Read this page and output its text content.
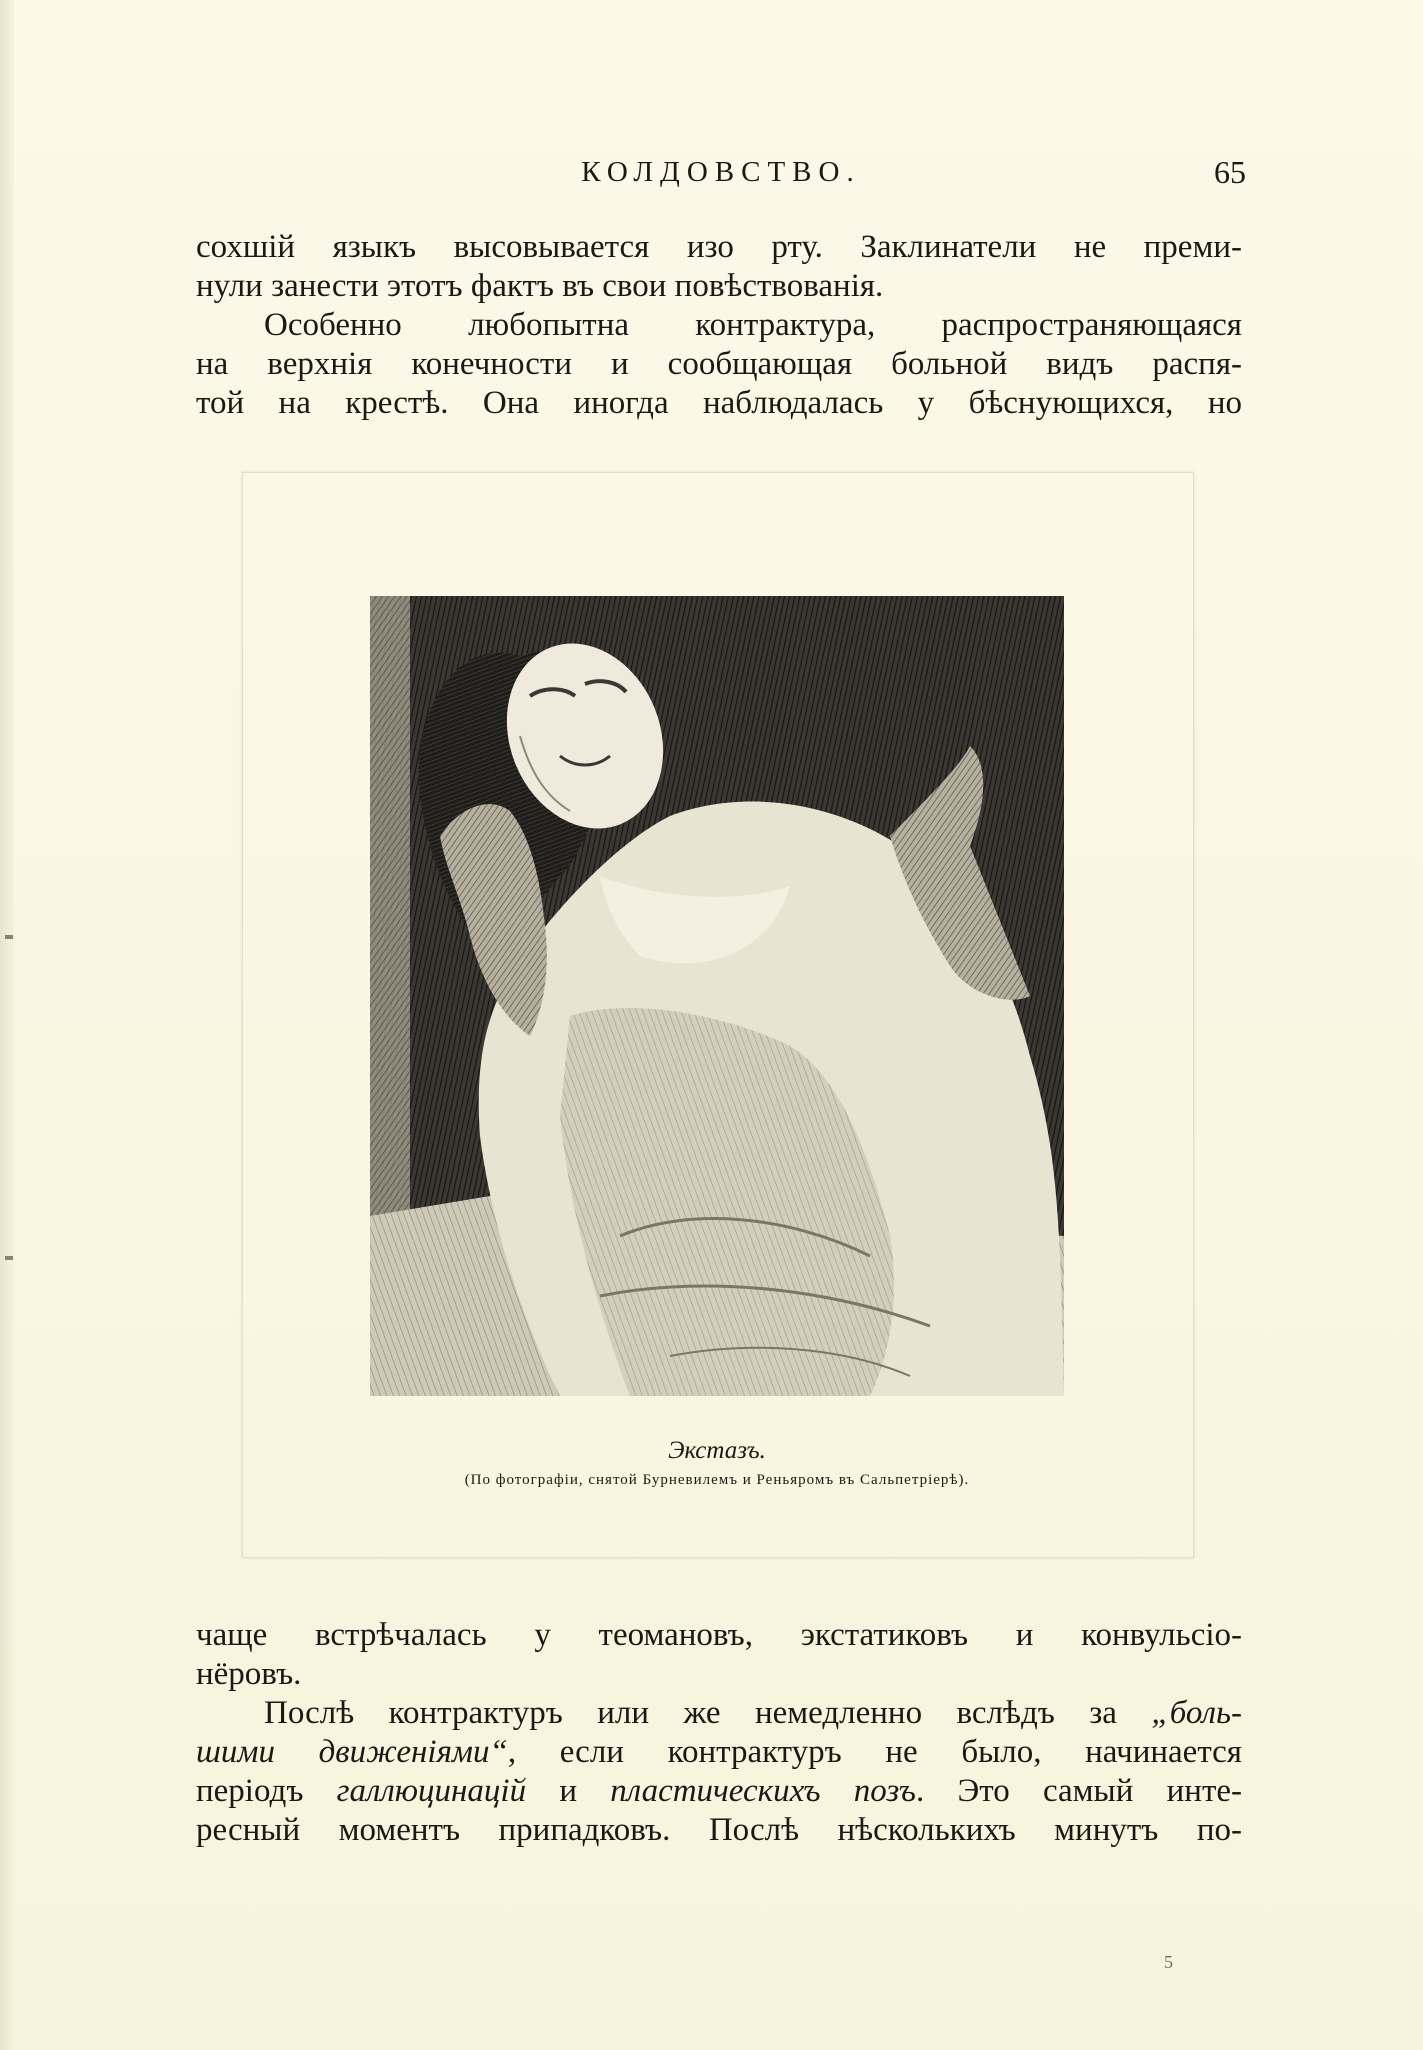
КОЛДОВСТВО.	65
сохшій языкъ высовывается изо рту. Заклинатели не преми-
нули занести этотъ фактъ въ свои повѣствованія.
Особенно любопытна контрактура, распространяющаяся
на верхнія конечности и сообщающая больной видъ распя-
той на крестѣ. Она иногда наблюдалась у бѣснующихся, но
Экстазъ.
(По фотографіи, снятой Бурневилемъ и Реньяромъ въ Сальпетріерѣ).
чаще встрѣчалась у теомановъ, экстатиковъ и конвульсіо-
нёровъ.
Послѣ контрактуръ или же немедленно вслѣдъ за „боль-
шими движеніями“, если контрактуръ не было, начинается
періодъ галлюцинацій и пластическихъ позъ. Это самый инте-
ресный моментъ припадковъ. Послѣ нѣсколькихъ минутъ по-
5
